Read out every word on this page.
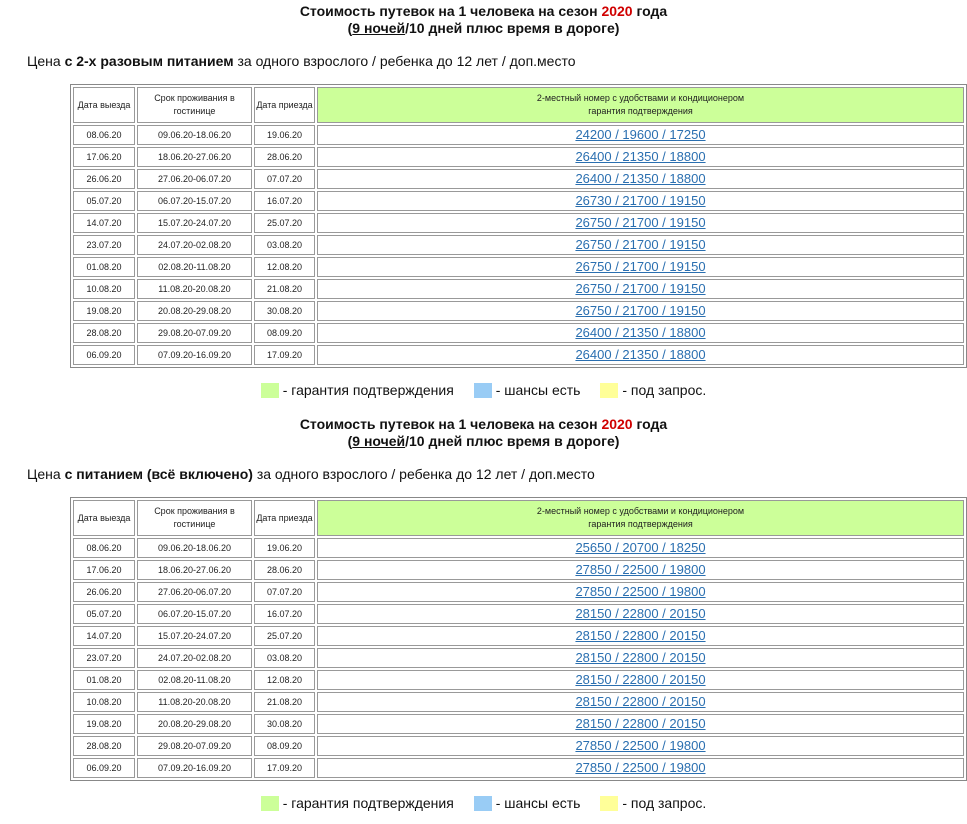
Стоимость путевок на 1 человека на сезон 2020 года
(9 ночей/10 дней плюс время в дороге)
Цена с 2-х разовым питанием за одного взрослого / ребенка до 12 лет / доп.место
Дата выезда	Срок проживания в гостинице	Дата приезда	2-местный номер с удобствами и кондиционером
гарантия подтверждения

08.06.20	09.06.20-18.06.20	19.06.20	24200 / 19600 / 17250
17.06.20	18.06.20-27.06.20	28.06.20	26400 / 21350 / 18800
26.06.20	27.06.20-06.07.20	07.07.20	26400 / 21350 / 18800
05.07.20	06.07.20-15.07.20	16.07.20	26730 / 21700 / 19150
14.07.20	15.07.20-24.07.20	25.07.20	26750 / 21700 / 19150
23.07.20	24.07.20-02.08.20	03.08.20	26750 / 21700 / 19150
01.08.20	02.08.20-11.08.20	12.08.20	26750 / 21700 / 19150
10.08.20	11.08.20-20.08.20	21.08.20	26750 / 21700 / 19150
19.08.20	20.08.20-29.08.20	30.08.20	26750 / 21700 / 19150
28.08.20	29.08.20-07.09.20	08.09.20	26400 / 21350 / 18800
06.09.20	07.09.20-16.09.20	17.09.20	26400 / 21350 / 18800
- гарантия подтверждения	- шансы есть	- под запрос.
Стоимость путевок на 1 человека на сезон 2020 года
(9 ночей/10 дней плюс время в дороге)
Цена с питанием (всё включено) за одного взрослого / ребенка до 12 лет / доп.место
Дата выезда	Срок проживания в гостинице	Дата приезда	2-местный номер с удобствами и кондиционером
гарантия подтверждения

08.06.20	09.06.20-18.06.20	19.06.20	25650 / 20700 / 18250
17.06.20	18.06.20-27.06.20	28.06.20	27850 / 22500 / 19800
26.06.20	27.06.20-06.07.20	07.07.20	27850 / 22500 / 19800
05.07.20	06.07.20-15.07.20	16.07.20	28150 / 22800 / 20150
14.07.20	15.07.20-24.07.20	25.07.20	28150 / 22800 / 20150
23.07.20	24.07.20-02.08.20	03.08.20	28150 / 22800 / 20150
01.08.20	02.08.20-11.08.20	12.08.20	28150 / 22800 / 20150
10.08.20	11.08.20-20.08.20	21.08.20	28150 / 22800 / 20150
19.08.20	20.08.20-29.08.20	30.08.20	28150 / 22800 / 20150
28.08.20	29.08.20-07.09.20	08.09.20	27850 / 22500 / 19800
06.09.20	07.09.20-16.09.20	17.09.20	27850 / 22500 / 19800
- гарантия подтверждения	- шансы есть	- под запрос.
